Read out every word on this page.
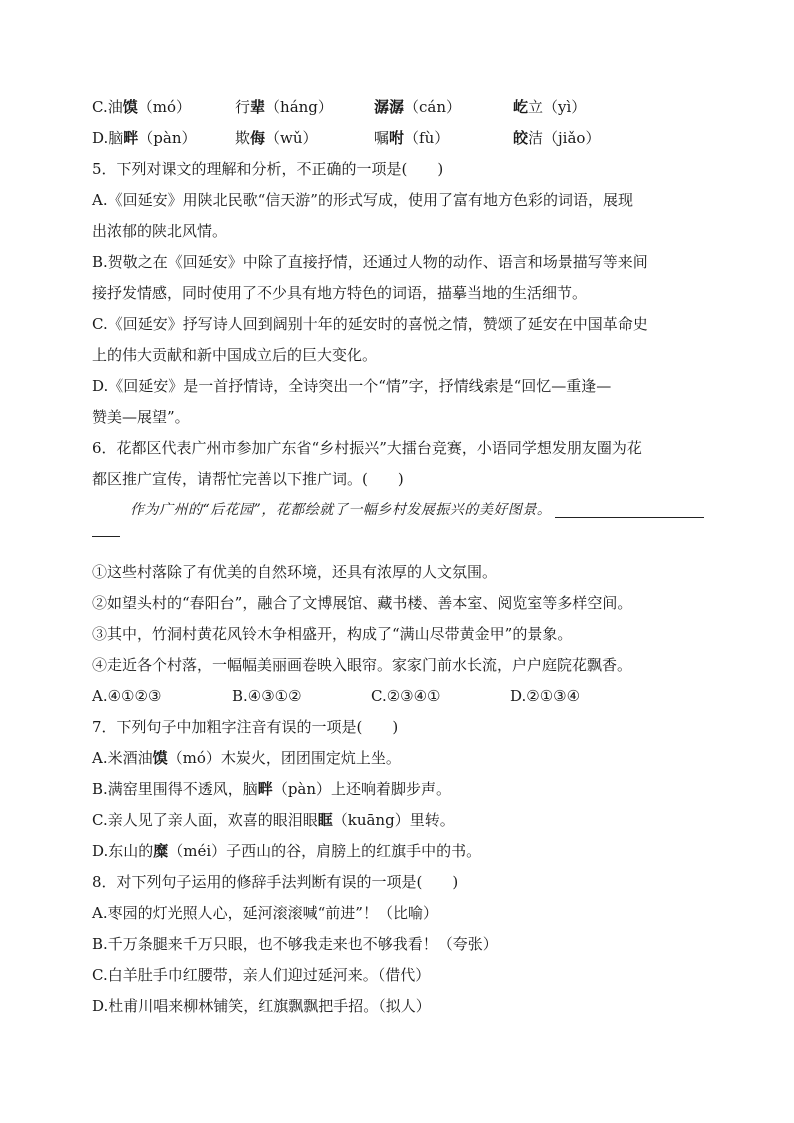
C.油馍（mó）	行辈（háng）	潺潺（cán）	屹立（yì）
D.脑畔（pàn）	欺侮（wǔ）	嘱咐（fù）	皎洁（jiǎo）
5．下列对课文的理解和分析，不正确的一项是(　　)
A.《回延安》用陕北民歌“信天游”的形式写成，使用了富有地方色彩的词语，展现
出浓郁的陕北风情。
B.贺敬之在《回延安》中除了直接抒情，还通过人物的动作、语言和场景描写等来间
接抒发情感，同时使用了不少具有地方特色的词语，描摹当地的生活细节。
C.《回延安》抒写诗人回到阔别十年的延安时的喜悦之情，赞颂了延安在中国革命史
上的伟大贡献和新中国成立后的巨大变化。
D.《回延安》是一首抒情诗，全诗突出一个“情”字，抒情线索是“回忆—重逢—
赞美—展望”。
6．花都区代表广州市参加广东省“乡村振兴”大擂台竞赛，小语同学想发朋友圈为花
都区推广宣传，请帮忙完善以下推广词。(　　)
作为广州的“后花园”，花都绘就了一幅乡村发展振兴的美好图景。
①这些村落除了有优美的自然环境，还具有浓厚的人文氛围。
②如望头村的“春阳台”，融合了文博展馆、藏书楼、善本室、阅览室等多样空间。
③其中，竹洞村黄花风铃木争相盛开，构成了“满山尽带黄金甲”的景象。
④走近各个村落，一幅幅美丽画卷映入眼帘。家家门前水长流，户户庭院花飘香。
A.④①②③	B.④③①②	C.②③④①	D.②①③④
7．下列句子中加粗字注音有误的一项是(　　)
A.米酒油馍（mó）木炭火，团团围定炕上坐。
B.满窑里围得不透风，脑畔（pàn）上还响着脚步声。
C.亲人见了亲人面，欢喜的眼泪眼眶（kuāng）里转。
D.东山的糜（méi）子西山的谷，肩膀上的红旗手中的书。
8．对下列句子运用的修辞手法判断有误的一项是(　　)
A.枣园的灯光照人心，延河滚滚喊“前进”！（比喻）
B.千万条腿来千万只眼，也不够我走来也不够我看！（夸张）
C.白羊肚手巾红腰带，亲人们迎过延河来。（借代）
D.杜甫川唱来柳林铺笑，红旗飘飘把手招。（拟人）
